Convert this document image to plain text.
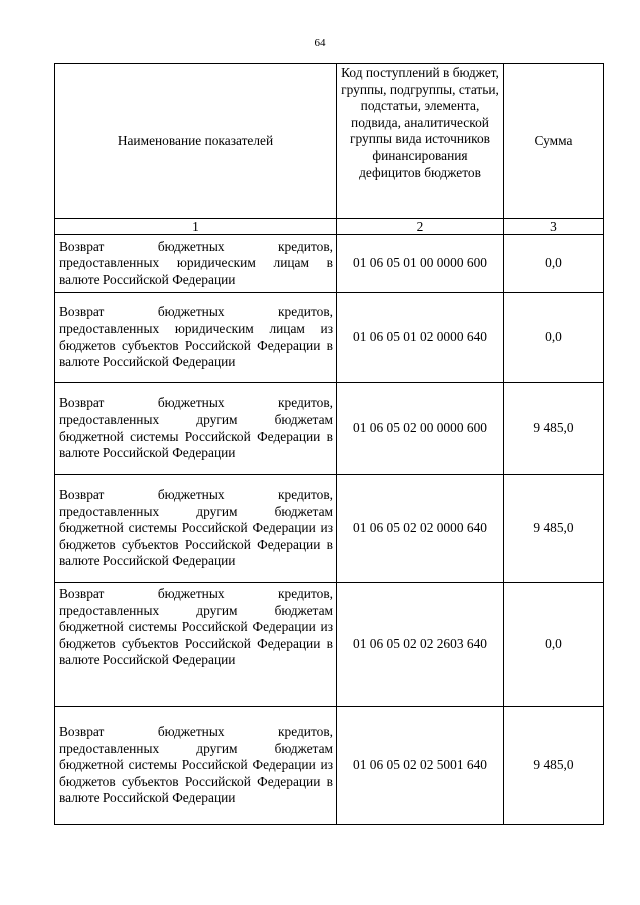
64
Наименование показателей	Код поступлений в бюджет, группы, подгруппы, статьи, подстатьи, элемента, подвида, аналитической группы вида источников финансирования дефицитов бюджетов	Сумма
1	2	3
Возврат бюджетных кредитов, предоставленных юридическим лицам в валюте Российской Федерации	01 06 05 01 00 0000 600	0,0
Возврат бюджетных кредитов, предоставленных юридическим лицам из бюджетов субъектов Российской Федерации в валюте Российской Федерации	01 06 05 01 02 0000 640	0,0
Возврат бюджетных кредитов, предоставленных другим бюджетам бюджетной системы Российской Федерации в валюте Российской Федерации	01 06 05 02 00 0000 600	9 485,0
Возврат бюджетных кредитов, предоставленных другим бюджетам бюджетной системы Российской Федерации из бюджетов субъектов Российской Федерации в валюте Российской Федерации	01 06 05 02 02 0000 640	9 485,0
Возврат бюджетных кредитов, предоставленных другим бюджетам бюджетной системы Российской Федерации из бюджетов субъектов Российской Федерации в валюте Российской Федерации	01 06 05 02 02 2603 640	0,0
Возврат бюджетных кредитов, предоставленных другим бюджетам бюджетной системы Российской Федерации из бюджетов субъектов Российской Федерации в валюте Российской Федерации	01 06 05 02 02 5001 640	9 485,0
